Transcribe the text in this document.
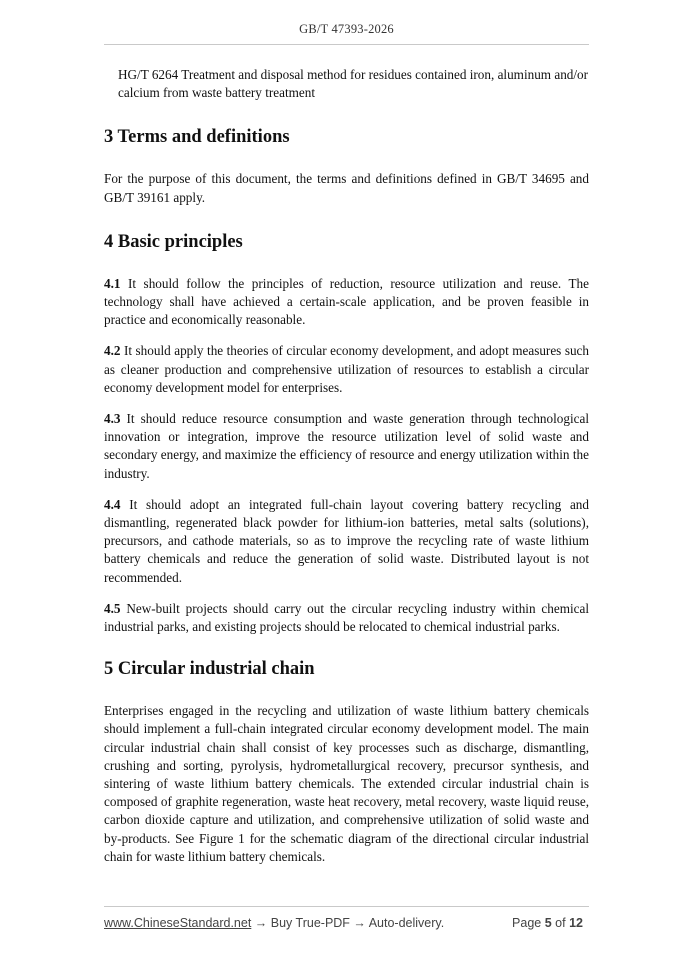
GB/T 47393-2026

HG/T 6264 Treatment and disposal method for residues contained iron, aluminum and/or calcium from waste battery treatment

3 Terms and definitions

For the purpose of this document, the terms and definitions defined in GB/T 34695 and GB/T 39161 apply.

4 Basic principles

4.1 It should follow the principles of reduction, resource utilization and reuse. The technology shall have achieved a certain-scale application, and be proven feasible in practice and economically reasonable.

4.2 It should apply the theories of circular economy development, and adopt measures such as cleaner production and comprehensive utilization of resources to establish a circular economy development model for enterprises.

4.3 It should reduce resource consumption and waste generation through technological innovation or integration, improve the resource utilization level of solid waste and secondary energy, and maximize the efficiency of resource and energy utilization within the industry.

4.4 It should adopt an integrated full-chain layout covering battery recycling and dismantling, regenerated black powder for lithium-ion batteries, metal salts (solutions), precursors, and cathode materials, so as to improve the recycling rate of waste lithium battery chemicals and reduce the generation of solid waste. Distributed layout is not recommended.

4.5 New-built projects should carry out the circular recycling industry within chemical industrial parks, and existing projects should be relocated to chemical industrial parks.

5 Circular industrial chain

Enterprises engaged in the recycling and utilization of waste lithium battery chemicals should implement a full-chain integrated circular economy development model. The main circular industrial chain shall consist of key processes such as discharge, dismantling, crushing and sorting, pyrolysis, hydrometallurgical recovery, precursor synthesis, and sintering of waste lithium battery chemicals. The extended circular industrial chain is composed of graphite regeneration, waste heat recovery, metal recovery, waste liquid reuse, carbon dioxide capture and utilization, and comprehensive utilization of solid waste and by-products. See Figure 1 for the schematic diagram of the directional circular industrial chain for waste lithium battery chemicals.

www.ChineseStandard.net → Buy True-PDF → Auto-delivery.	Page 5 of 12
